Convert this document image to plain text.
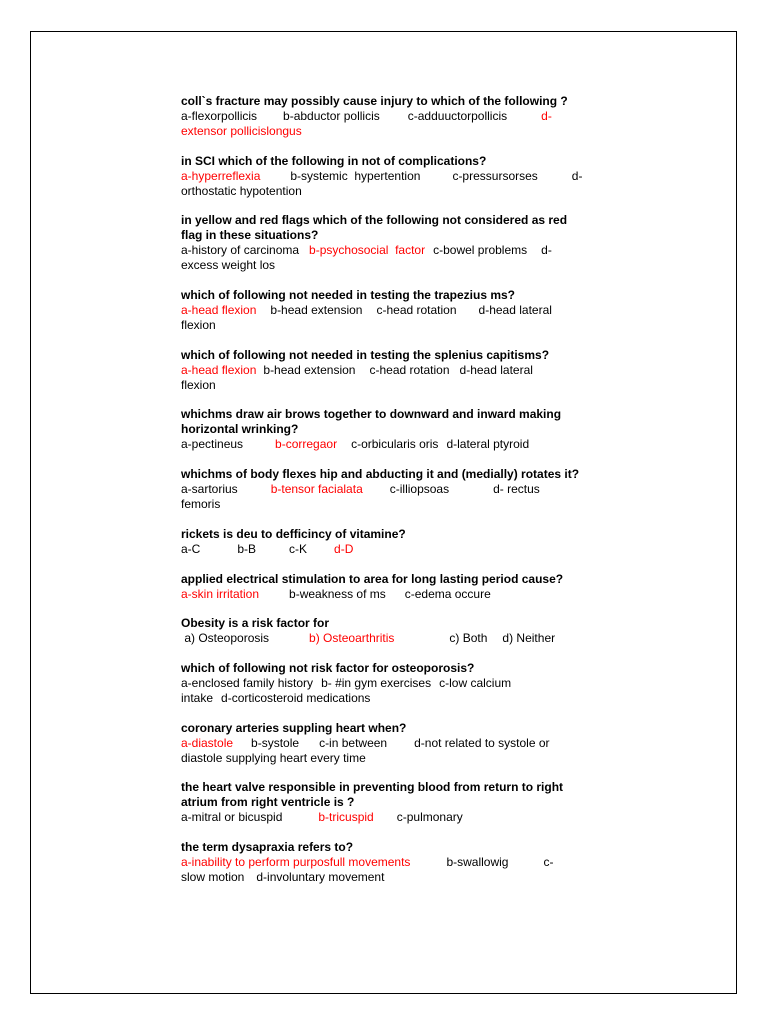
coll`s fracture may possibly cause injury to which of the following ?
a-flexorpollicis b-abductor pollicis c-adduuctorpollicis	d-
extensor pollicislongus
in SCI which of the following in not of complications?
a-hyperreflexia	b-systemic  hypertention	c-pressursorses	d-
orthostatic hypotention
in yellow and red flags which of the following not considered as red flag in these situations?
a-history of carcinoma b-psychosocial  factor c-bowel problems d-
excess weight los
which of following not needed in testing the trapezius ms?
a-head flexion b-head extension c-head rotation d-head lateral
flexion
which of following not needed in testing the splenius capitisms?
a-head flexion b-head extension c-head rotation d-head lateral
flexion
whichms draw air brows together to downward and inward making horizontal wrinking?
a-pectineus	b-corregaor c-orbicularis oris d-lateral ptyroid
whichms of body flexes hip and abducting it and (medially) rotates it?
a-sartorius	b-tensor facialata c-illiopsoas	d- rectus
femoris
rickets is deu to defficincy of vitamine?
a-C	b-B	c-K d-D
applied electrical stimulation to area for long lasting period cause?
a-skin irritation	b-weakness of ms c-edema occure
Obesity is a risk factor for
a) Osteoporosis	b) Osteoarthritis	c) Both d) Neither
which of following not risk factor for osteoporosis?
a-enclosed family history b- #in gym exercises c-low calcium
intake d-corticosteroid medications
coronary arteries suppling heart when?
a-diastole b-systole c-in between d-not related to systole or
diastole supplying heart every time
the heart valve responsible in preventing blood from return to right atrium from right ventricle is ?
a-mitral or bicuspid	b-tricuspid c-pulmonary
the term dysapraxia refers to?
a-inability to perform purposfull movements	b-swallowig	c-
slow motion d-involuntary movement
